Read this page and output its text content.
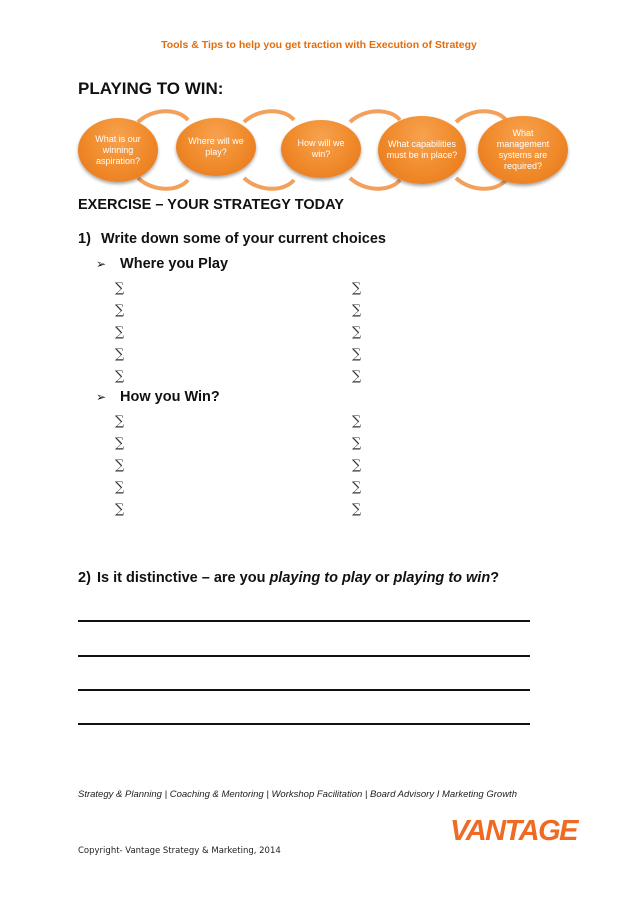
Tools & Tips to help you get traction with Execution of Strategy
PLAYING TO WIN:
What is our winning aspiration?
Where will we play?
How will we win?
What capabilities must be in place?
What management systems are required?
EXERCISE – YOUR STRATEGY TODAY
1) Write down some of your current choices
➢ Where you Play
∑
∑
∑
∑
∑
∑
∑
∑
∑
∑
➢ How you Win?
∑
∑
∑
∑
∑
∑
∑
∑
∑
∑
2) Is it distinctive – are you playing to play or playing to win?
Strategy & Planning | Coaching & Mentoring | Workshop Facilitation | Board Advisory I Marketing Growth
VANTAGE
Copyright- Vantage Strategy & Marketing, 2014
